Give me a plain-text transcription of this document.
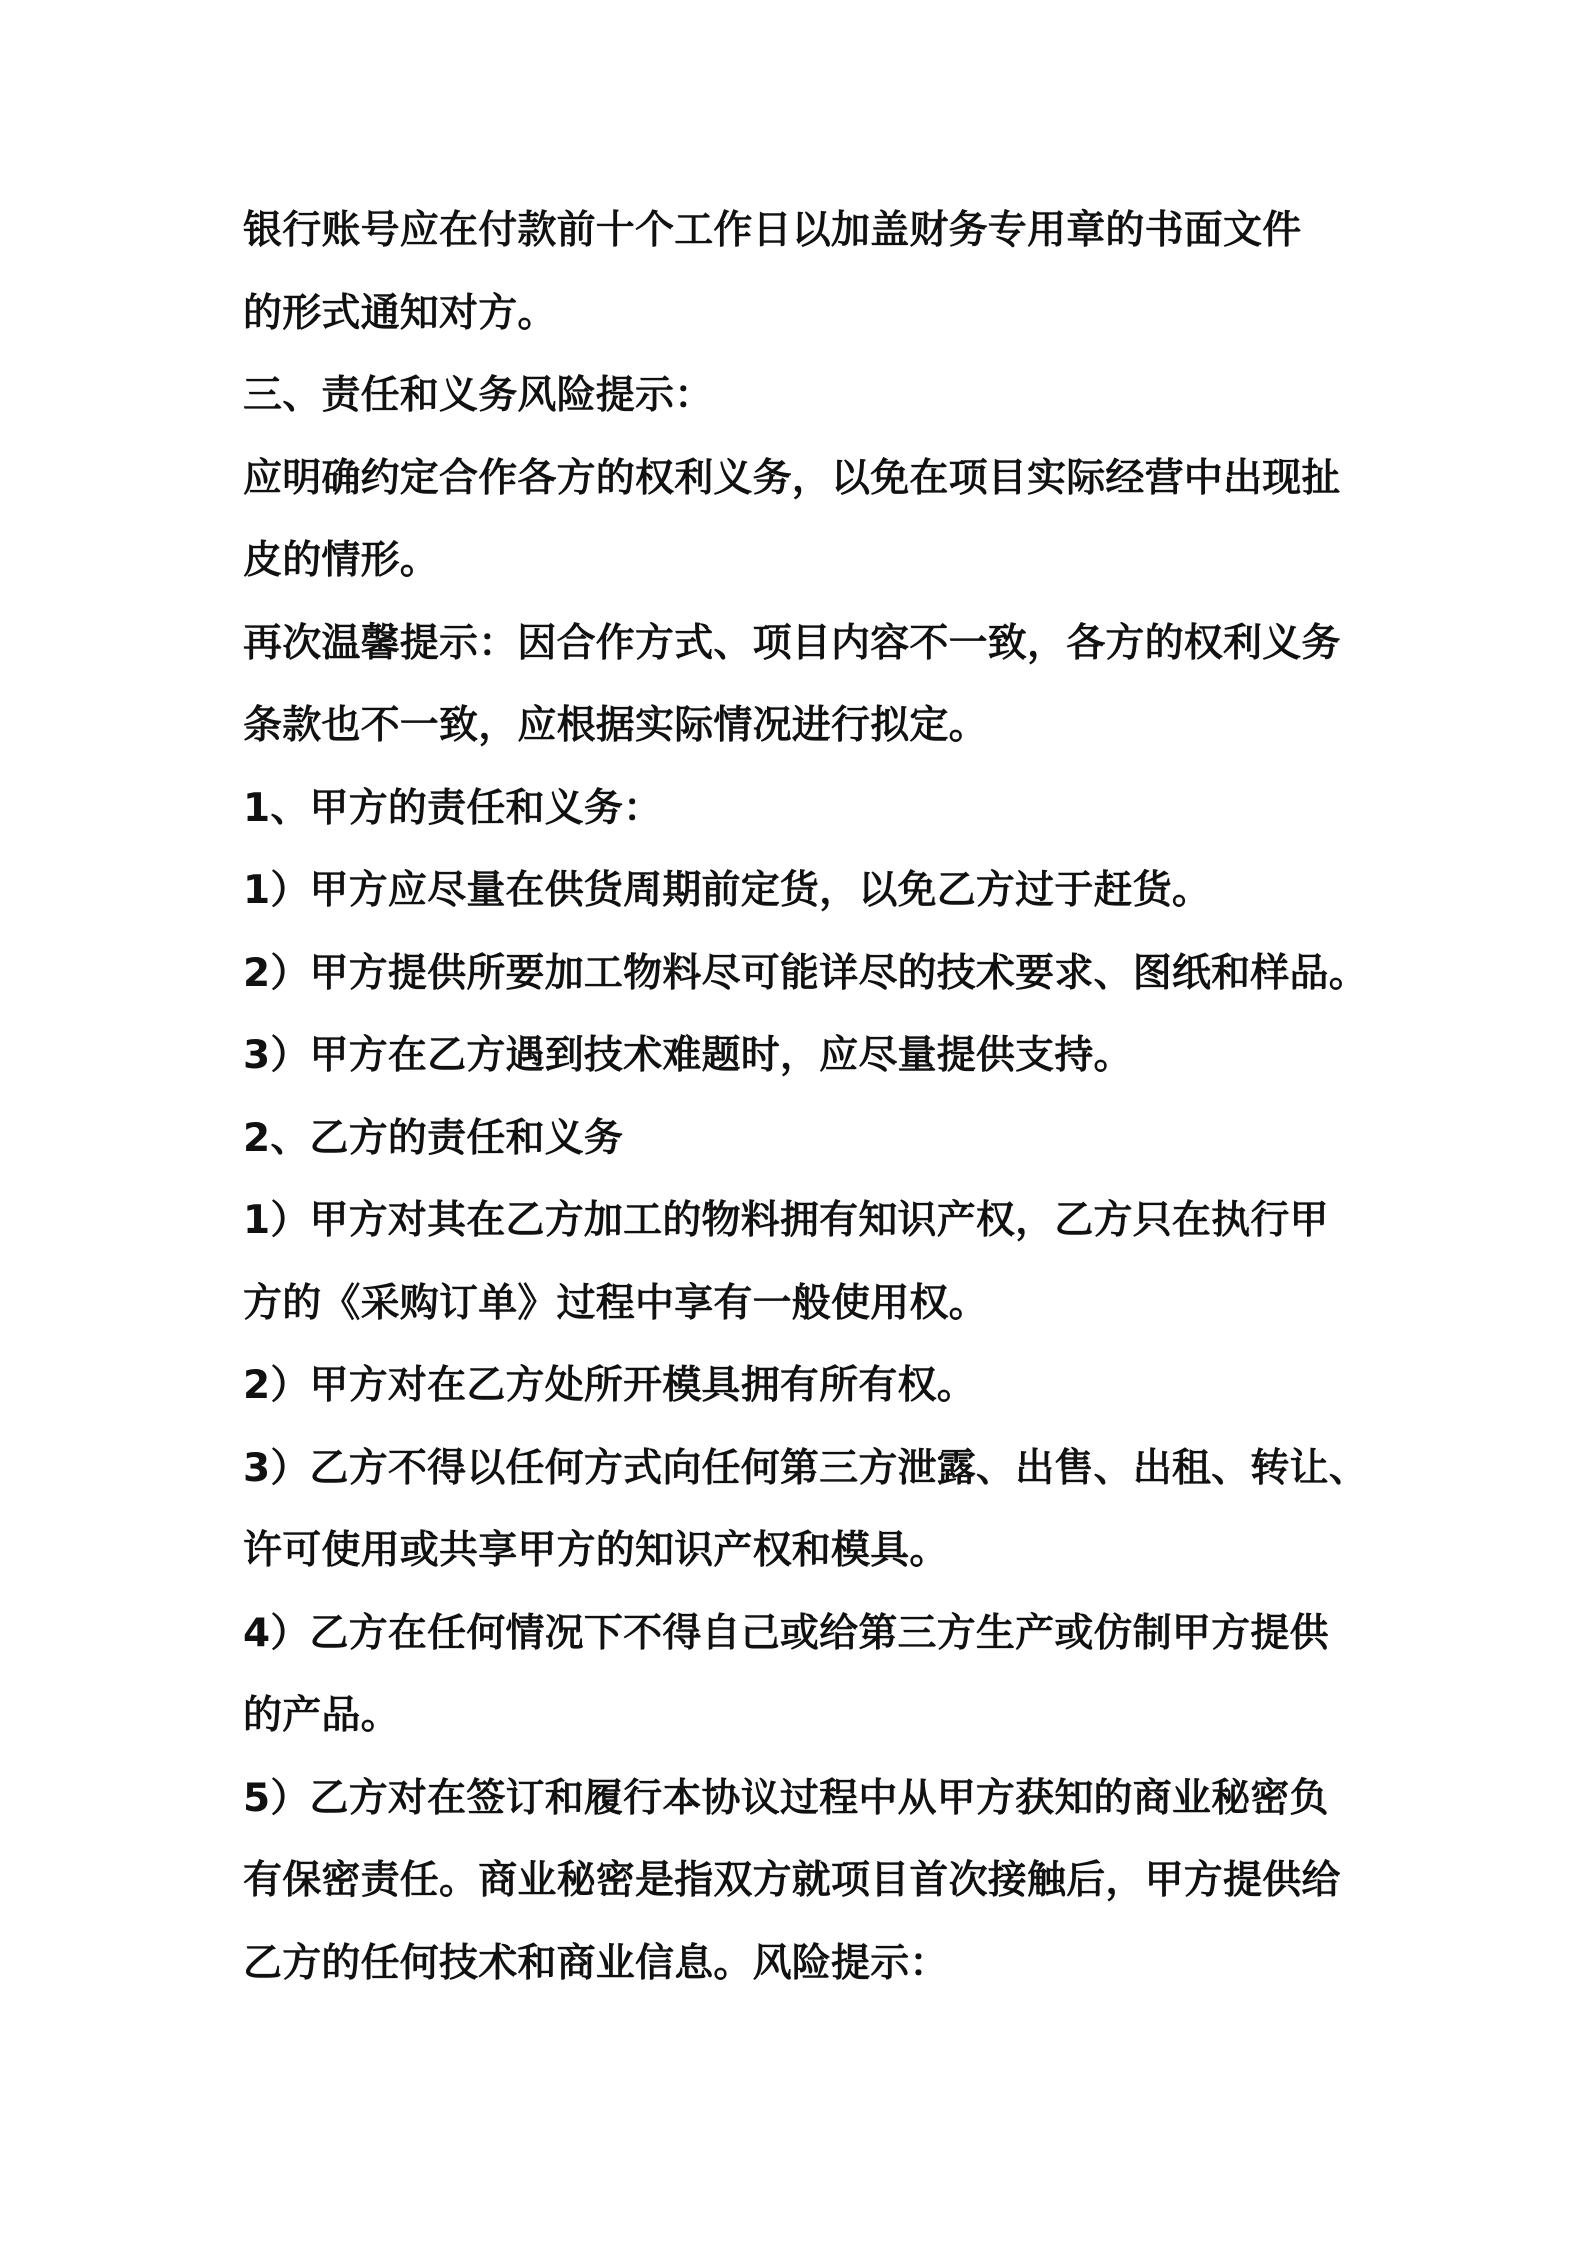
银行账号应在付款前十个工作日以加盖财务专用章的书面文件
的形式通知对方。
三、责任和义务风险提示：
应明确约定合作各方的权利义务，以免在项目实际经营中出现扯
皮的情形。
再次温馨提示：因合作方式、项目内容不一致，各方的权利义务
条款也不一致，应根据实际情况进行拟定。
1、甲方的责任和义务：
1）甲方应尽量在供货周期前定货，以免乙方过于赶货。
2）甲方提供所要加工物料尽可能详尽的技术要求、图纸和样品。
3）甲方在乙方遇到技术难题时，应尽量提供支持。
2、乙方的责任和义务
1）甲方对其在乙方加工的物料拥有知识产权，乙方只在执行甲
方的《采购订单》过程中享有一般使用权。
2）甲方对在乙方处所开模具拥有所有权。
3）乙方不得以任何方式向任何第三方泄露、出售、出租、转让、
许可使用或共享甲方的知识产权和模具。
4）乙方在任何情况下不得自己或给第三方生产或仿制甲方提供
的产品。
5）乙方对在签订和履行本协议过程中从甲方获知的商业秘密负
有保密责任。商业秘密是指双方就项目首次接触后，甲方提供给
乙方的任何技术和商业信息。风险提示：
